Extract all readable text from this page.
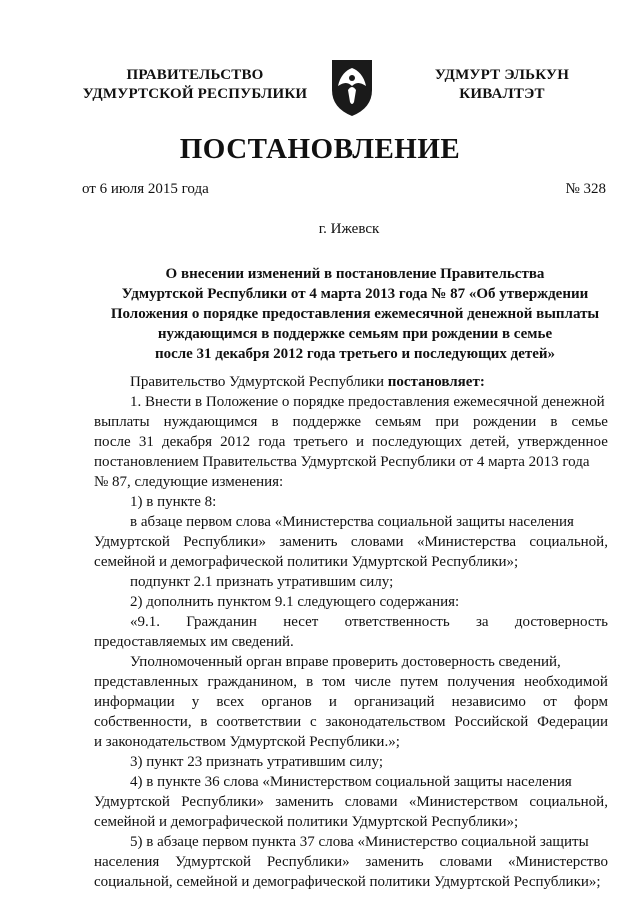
ПРАВИТЕЛЬСТВО
УДМУРТСКОЙ РЕСПУБЛИКИ
УДМУРТ ЭЛЬКУН
КИВАЛТЭТ
ПОСТАНОВЛЕНИЕ
от 6 июля 2015 года	№ 328
г. Ижевск
О внесении изменений в постановление Правительства
Удмуртской Республики от 4 марта 2013 года № 87 «Об утверждении
Положения о порядке предоставления ежемесячной денежной выплаты
нуждающимся в поддержке семьям при рождении в семье
после 31 декабря 2012 года третьего и последующих детей»
Правительство Удмуртской Республики постановляет:
1. Внести в Положение о порядке предоставления ежемесячной денежной
выплаты нуждающимся в поддержке семьям при рождении в семье
после 31 декабря 2012 года третьего и последующих детей, утвержденное
постановлением Правительства Удмуртской Республики от 4 марта 2013 года
№ 87, следующие изменения:
1) в пункте 8:
в абзаце первом слова «Министерства социальной защиты населения
Удмуртской Республики» заменить словами «Министерства социальной,
семейной и демографической политики Удмуртской Республики»;
подпункт 2.1 признать утратившим силу;
2) дополнить пунктом 9.1 следующего содержания:
«9.1. Гражданин несет ответственность за достоверность
предоставляемых им сведений.
Уполномоченный орган вправе проверить достоверность сведений,
представленных гражданином, в том числе путем получения необходимой
информации у всех органов и организаций независимо от форм
собственности, в соответствии с законодательством Российской Федерации
и законодательством Удмуртской Республики.»;
3) пункт 23 признать утратившим силу;
4) в пункте 36 слова «Министерством социальной защиты населения
Удмуртской Республики» заменить словами «Министерством социальной,
семейной и демографической политики Удмуртской Республики»;
5) в абзаце первом пункта 37 слова «Министерство социальной защиты
населения Удмуртской Республики» заменить словами «Министерство
социальной, семейной и демографической политики Удмуртской Республики»;
